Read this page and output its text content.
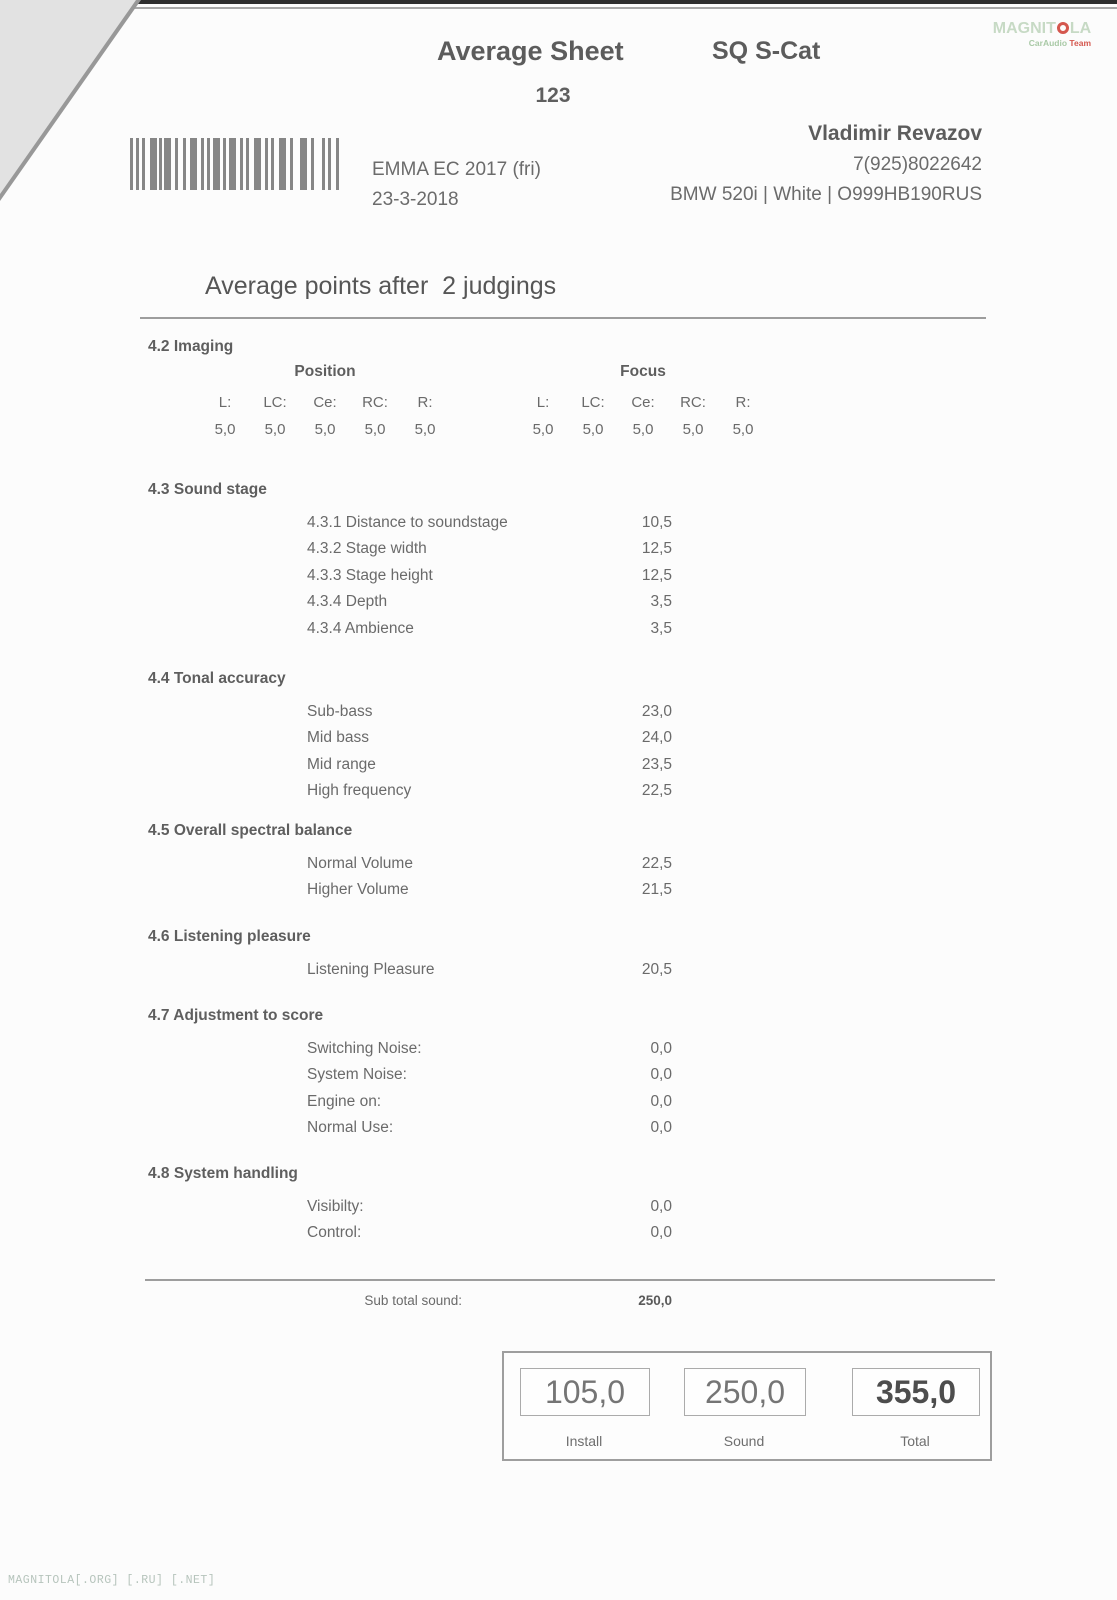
MAGNIT LA
CarAudio Team
Average Sheet	SQ S-Cat
123
EMMA EC 2017 (fri)
23-3-2018
Vladimir Revazov
7(925)8022642
BMW 520i | White | O999HB190RUS
Average points after  2 judgings
4.2 Imaging
Position
L:	LC:	Ce:	RC:	R:
5,0	5,0	5,0	5,0	5,0
Focus
L:	LC:	Ce:	RC:	R:
5,0	5,0	5,0	5,0	5,0
4.3 Sound stage
4.3.1 Distance to soundstage	10,5
4.3.2 Stage width	12,5
4.3.3 Stage height	12,5
4.3.4 Depth	3,5
4.3.4 Ambience	3,5
4.4 Tonal accuracy
Sub-bass	23,0
Mid bass	24,0
Mid range	23,5
High frequency	22,5
4.5 Overall spectral balance
Normal Volume	22,5
Higher Volume	21,5
4.6 Listening pleasure
Listening Pleasure	20,5
4.7 Adjustment to score
Switching Noise:	0,0
System Noise:	0,0
Engine on:	0,0
Normal Use:	0,0
4.8 System handling
Visibilty:	0,0
Control:	0,0
Sub total sound:	250,0
105,0	250,0	355,0
Install	Sound	Total
MAGNITOLA[.ORG] [.RU] [.NET]
